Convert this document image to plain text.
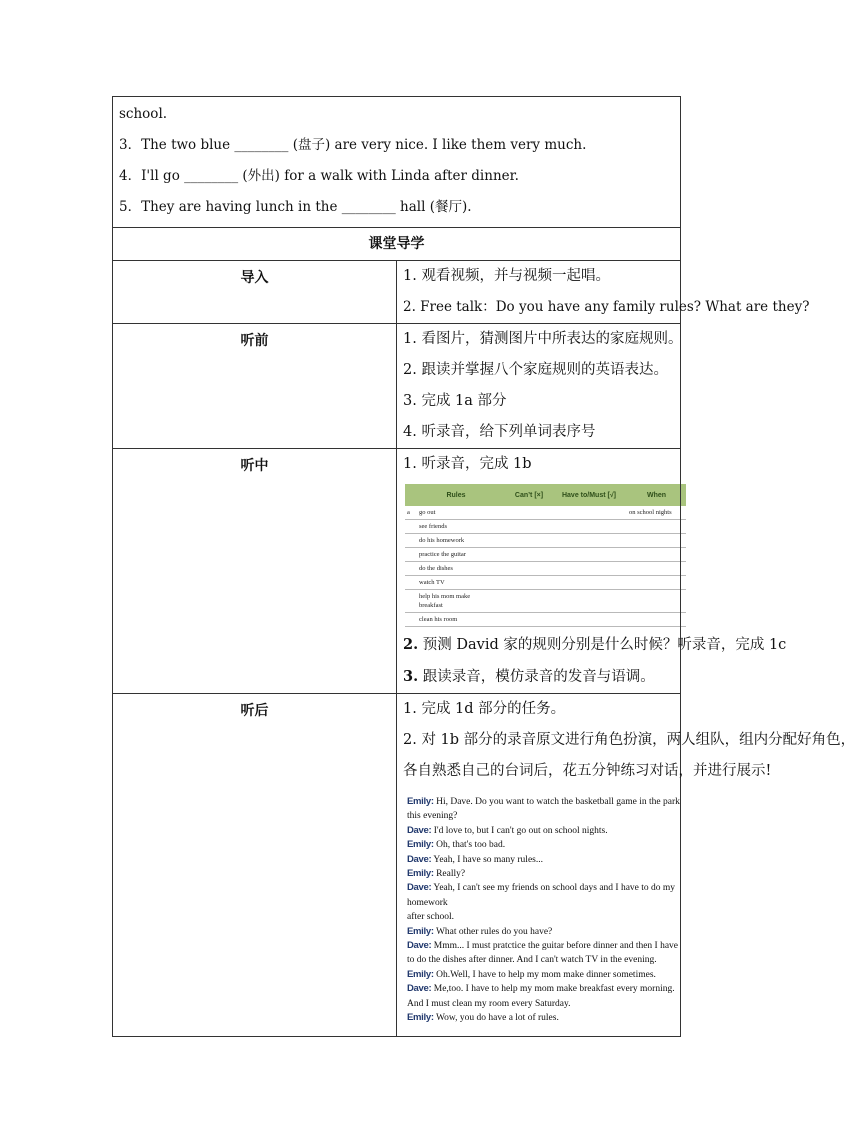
school.
3．The two blue ________ (盘子) are very nice. I like them very much.
4．I'll go ________ (外出) for a walk with Linda after dinner.
5．They are having lunch in the ________ hall (餐厅).

课堂导学

导入	1. 观看视频，并与视频一起唱。
2. Free talk：Do you have any family rules? What are they?

听前	1. 看图片，猜测图片中所表达的家庭规则。
2. 跟读并掌握八个家庭规则的英语表达。
3. 完成 1a 部分
4. 听录音，给下列单词表序号

听中	1. 听录音，完成 1b
Rules	Can’t [×]	Have to/Must [√]	When
a go out			on school nights
see friends			
do his homework			
practice the guitar			
do the dishes			
watch TV			
help his mom make breakfast			
clean his room			
2. 预测 David 家的规则分别是什么时候？听录音，完成 1c
3. 跟读录音，模仿录音的发音与语调。

听后	1. 完成 1d 部分的任务。
2. 对 1b 部分的录音原文进行角色扮演，两人组队，组内分配好角色，
各自熟悉自己的台词后，花五分钟练习对话，并进行展示!
Emily: Hi, Dave. Do you want to watch the basketball game in the park this evening?
Dave: I'd love to, but I can't go out on school nights.
Emily: Oh, that's too bad.
Dave: Yeah, I have so many rules...
Emily: Really?
Dave: Yeah, I can't see my friends on school days and I have to do my homework
after school.
Emily: What other rules do you have?
Dave: Mmm... I must pratctice the guitar before dinner and then I have
to do the dishes after dinner. And I can't watch TV in the evening.
Emily: Oh.Well, I have to help my mom make dinner sometimes.
Dave: Me,too. I have to help my mom make breakfast every morning.
And I must clean my room every Saturday.
Emily: Wow, you do have a lot of rules.
